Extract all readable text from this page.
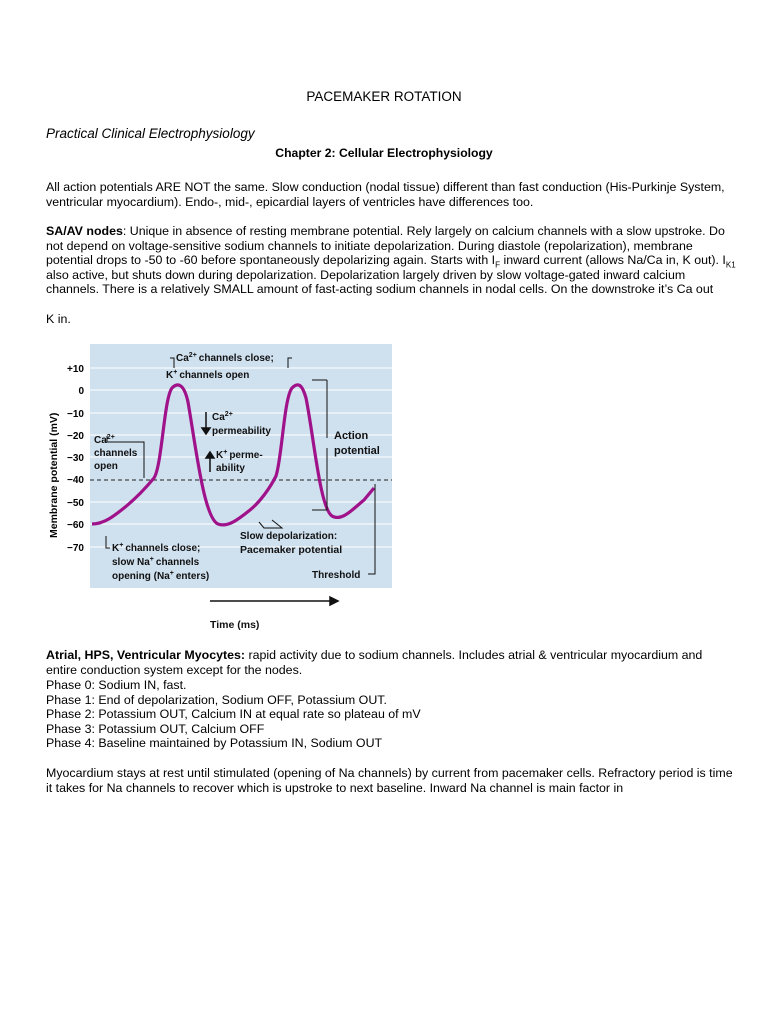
PACEMAKER ROTATION
Practical Clinical Electrophysiology
Chapter 2: Cellular Electrophysiology

All action potentials ARE NOT the same. Slow conduction (nodal tissue) different than fast conduction (His-Purkinje System, ventricular myocardium). Endo-, mid-, epicardial layers of ventricles have differences too.

SA/AV nodes: Unique in absence of resting membrane potential. Rely largely on calcium channels with a slow upstroke. Do not depend on voltage-sensitive sodium channels to initiate depolarization. During diastole (repolarization), membrane potential drops to -50 to -60 before spontaneously depolarizing again. Starts with $I_F$ inward current (allows Na/Ca in, K out). $I_{K1}$ also active, but shuts down during depolarization. Depolarization largely driven by slow voltage-gated inward calcium channels. There is a relatively SMALL amount of fast-acting sodium channels in nodal cells. On the downstroke it’s Ca out

K in.

Membrane potential (mV)
+10
0
−10
−20
−30
−40
−50
−60
−70
$Ca^{2+}$ channels close;
K+ channels open
$Ca^{2+}$
permeability
K+ perme-
ability
$Ca^{2+}$
channels
open
Action
potential
Slow depolarization:
Pacemaker potential
K+ channels close;
slow Na+ channels
opening (Na+ enters)	Threshold
Time (ms)

Atrial, HPS, Ventricular Myocytes: rapid activity due to sodium channels. Includes atrial & ventricular myocardium and entire conduction system except for the nodes.

Phase 0: Sodium IN, fast.
Phase 1: End of depolarization, Sodium OFF, Potassium OUT.
Phase 2: Potassium OUT, Calcium IN at equal rate so plateau of mV
Phase 3: Potassium OUT, Calcium OFF
Phase 4: Baseline maintained by Potassium IN, Sodium OUT

Myocardium stays at rest until stimulated (opening of Na channels) by current from pacemaker cells. Refractory period is time it takes for Na channels to recover which is upstroke to next baseline. Inward Na channel is main factor in
